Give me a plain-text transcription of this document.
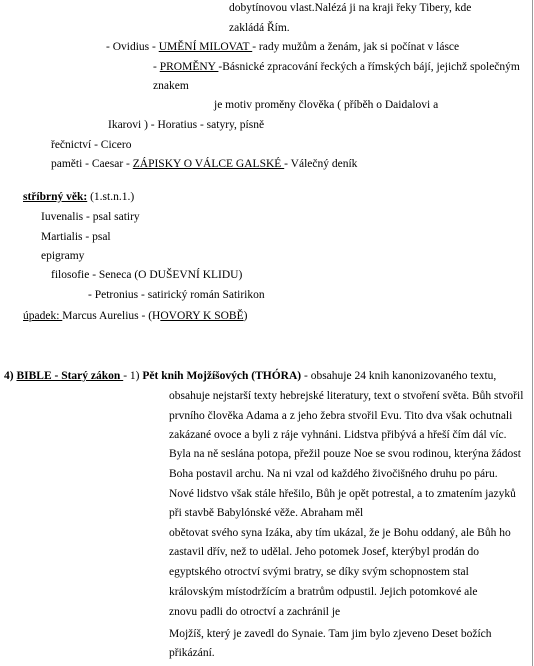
dobytínovou vlast.Nalézá ji na kraji řeky Tibery, kde
zakládá Řím.
- Ovidius - UMĚNÍ MILOVAT - rady mužům a ženám, jak si počínat v lásce
- PROMĚNY -Básnické zpracování řeckých a římských bájí, jejichž společným
znakem
je motiv proměny člověka ( příběh o Daidalovi a
Ikarovi ) - Horatius - satyry, písně
řečnictví - Cicero
paměti - Caesar - ZÁPISKY O VÁLCE GALSKÉ - Válečný deník
stříbrný věk: (1.st.n.1.)
Iuvenalis - psal satiry
Martialis - psal
epigramy
filosofie - Seneca (O DUŠEVNÍ KLIDU)
- Petronius - satirický román Satirikon
úpadek: Marcus Aurelius - (HOVORY K SOBĚ)
4) BIBLE - Starý zákon - 1) Pět knih Mojžíšových (THÓRA) - obsahuje 24 knih kanonizovaného textu,
obsahuje nejstarší texty hebrejské literatury, text o stvoření světa. Bůh stvořil
prvního člověka Adama a z jeho žebra stvořil Evu. Tito dva však ochutnali
zakázané ovoce a byli z ráje vyhnáni. Lidstva přibývá a hřeší čím dál víc.
Byla na ně seslána potopa, přežil pouze Noe se svou rodinou, kterýna žádost
Boha postavil archu. Na ni vzal od každého živočišného druhu po páru.
Nové lidstvo však stále hřešilo, Bůh je opět potrestal, a to zmatením jazyků
při stavbě Babylónské věže. Abraham měl
obětovat svého syna Izáka, aby tím ukázal, že je Bohu oddaný, ale Bůh ho
zastavil dřív, než to udělal. Jeho potomek Josef, kterýbyl prodán do
egyptského otroctví svými bratry, se díky svým schopnostem stal
královským místodržícím a bratrům odpustil. Jejich potomkové ale
znovu padli do otroctví a zachránil je
Mojžíš, který je zavedl do Synaie. Tam jim bylo zjeveno Deset božích
přikázání.
